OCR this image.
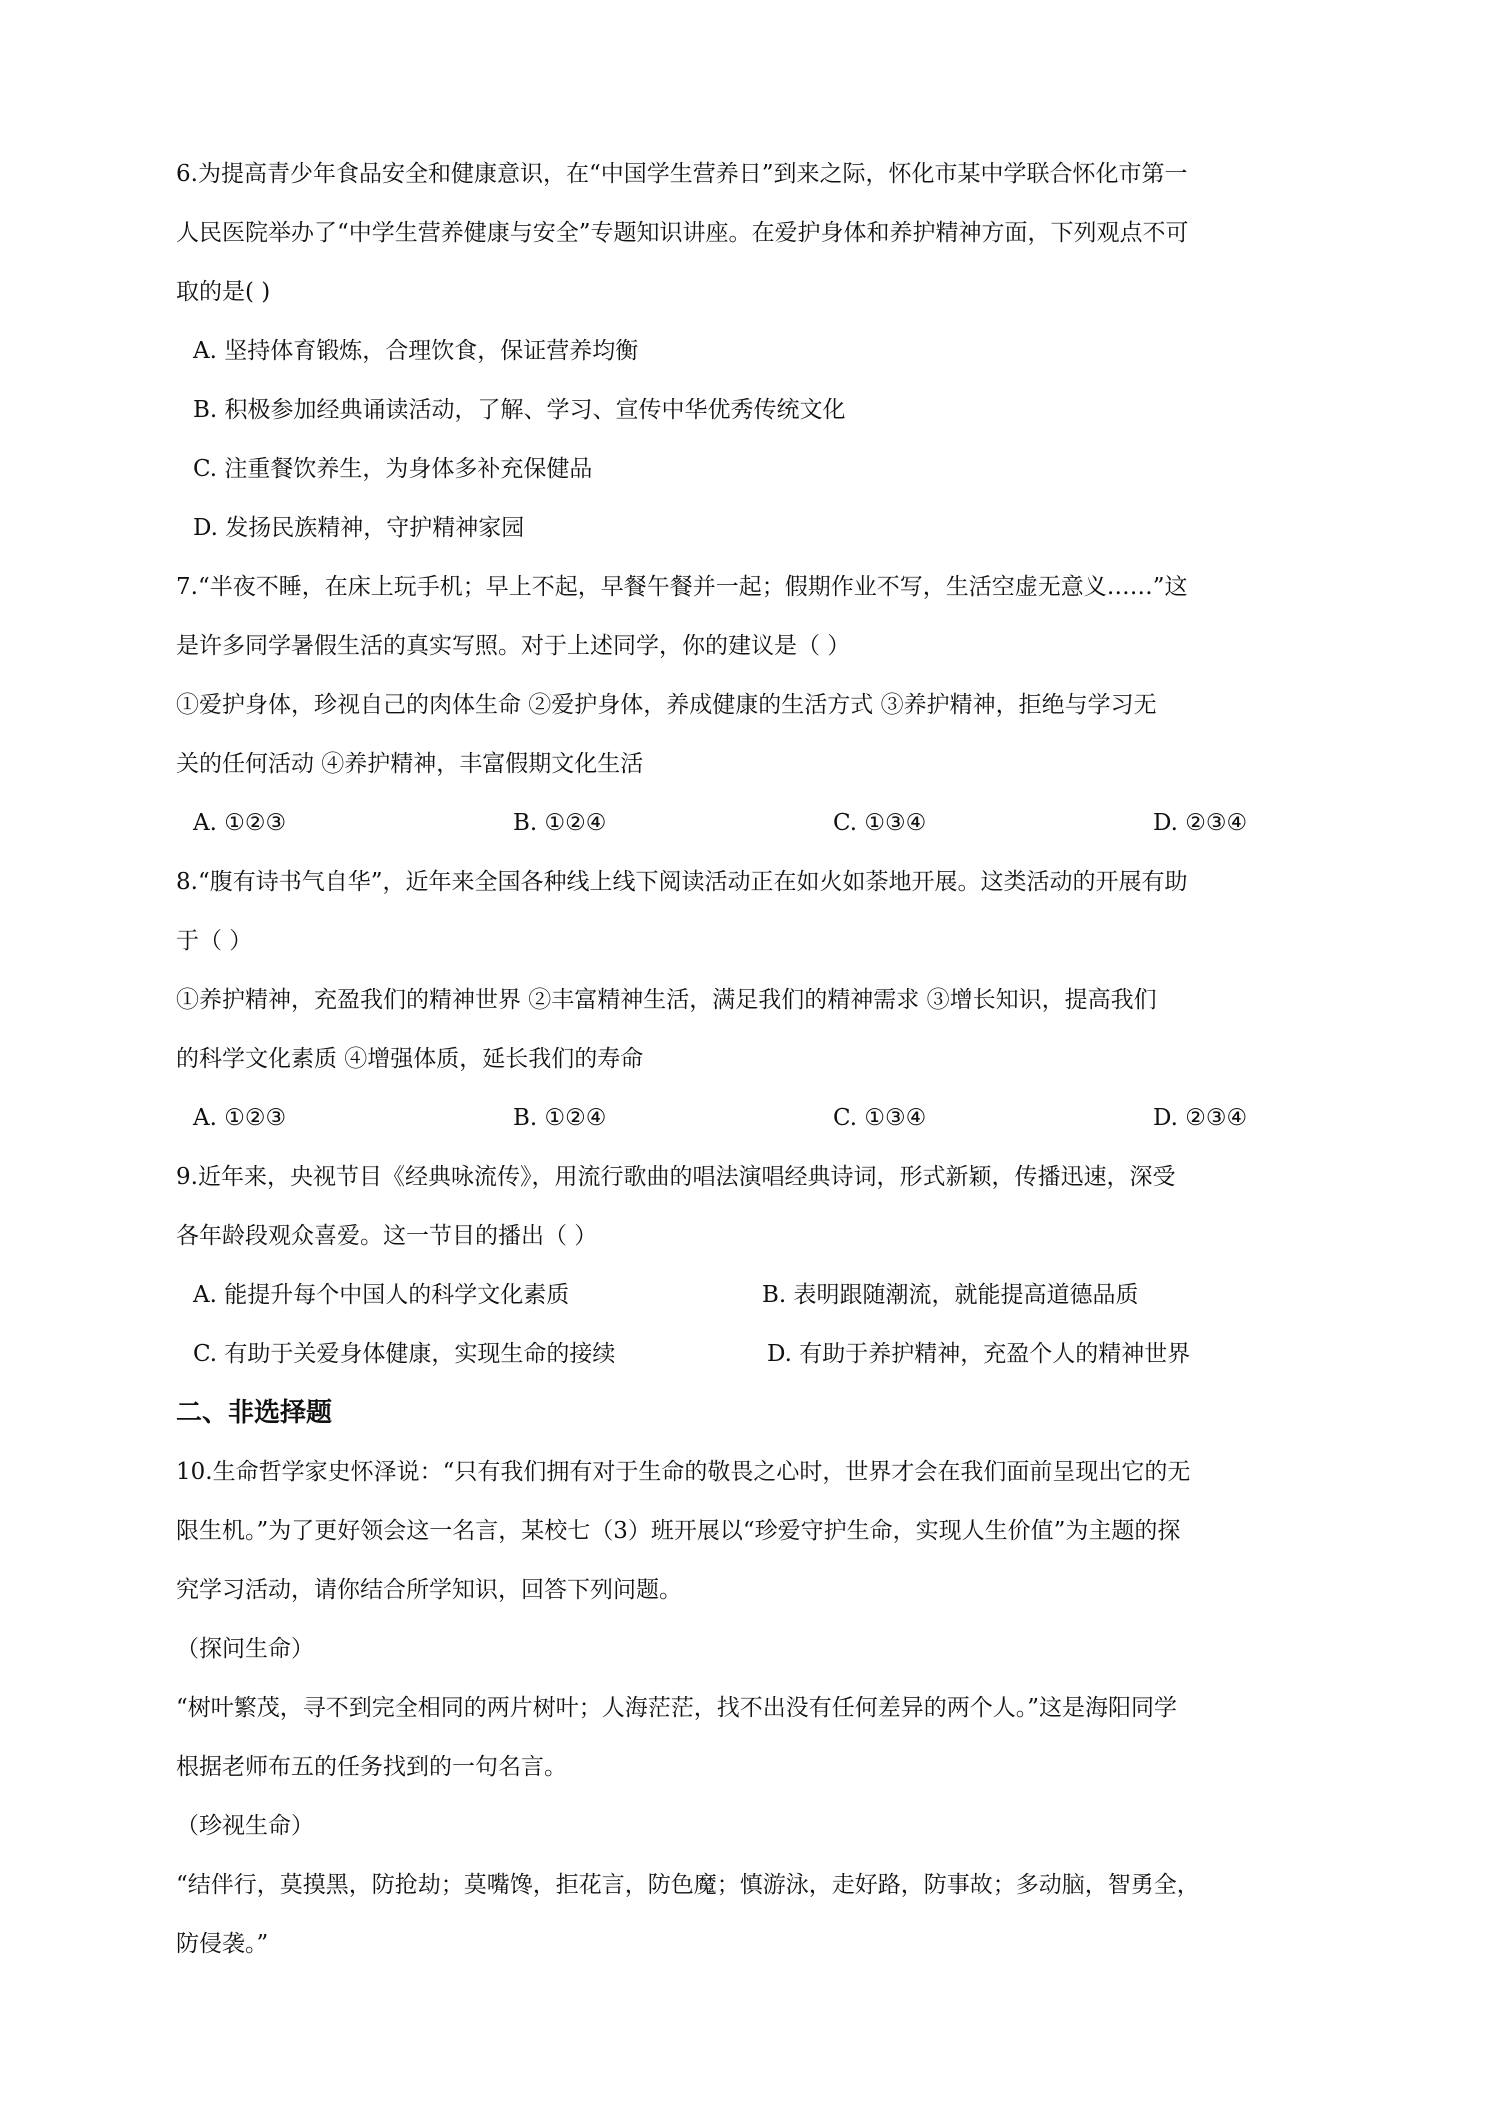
6.为提高青少年食品安全和健康意识，在“中国学生营养日”到来之际，怀化市某中学联合怀化市第一
人民医院举办了“中学生营养健康与安全”专题知识讲座。在爱护身体和养护精神方面，下列观点不可
取的是( )
A. 坚持体育锻炼，合理饮食，保证营养均衡
B. 积极参加经典诵读活动，了解、学习、宣传中华优秀传统文化
C. 注重餐饮养生，为身体多补充保健品
D. 发扬民族精神，守护精神家园
7.“半夜不睡，在床上玩手机；早上不起，早餐午餐并一起；假期作业不写，生活空虚无意义……”这
是许多同学暑假生活的真实写照。对于上述同学，你的建议是（ ）
①爱护身体，珍视自己的肉体生命 ②爱护身体，养成健康的生活方式 ③养护精神，拒绝与学习无
关的任何活动 ④养护精神，丰富假期文化生活
A. ①②③	B. ①②④	C. ①③④	D. ②③④
8.“腹有诗书气自华”，近年来全国各种线上线下阅读活动正在如火如荼地开展。这类活动的开展有助
于（ ）
①养护精神，充盈我们的精神世界 ②丰富精神生活，满足我们的精神需求 ③增长知识，提高我们
的科学文化素质 ④增强体质，延长我们的寿命
A. ①②③	B. ①②④	C. ①③④	D. ②③④
9.近年来，央视节目《经典咏流传》，用流行歌曲的唱法演唱经典诗词，形式新颖，传播迅速，深受
各年龄段观众喜爱。这一节目的播出（ ）
A. 能提升每个中国人的科学文化素质	B. 表明跟随潮流，就能提高道德品质
C. 有助于关爱身体健康，实现生命的接续	D. 有助于养护精神，充盈个人的精神世界
二、非选择题
10.生命哲学家史怀泽说：“只有我们拥有对于生命的敬畏之心时，世界才会在我们面前呈现出它的无
限生机。”为了更好领会这一名言，某校七（3）班开展以“珍爱守护生命，实现人生价值”为主题的探
究学习活动，请你结合所学知识，回答下列问题。
（探问生命）
“树叶繁茂，寻不到完全相同的两片树叶；人海茫茫，找不出没有任何差异的两个人。”这是海阳同学
根据老师布五的任务找到的一句名言。
（珍视生命）
“结伴行，莫摸黑，防抢劫；莫嘴馋，拒花言，防色魔；慎游泳，走好路，防事故；多动脑，智勇全，
防侵袭。”
